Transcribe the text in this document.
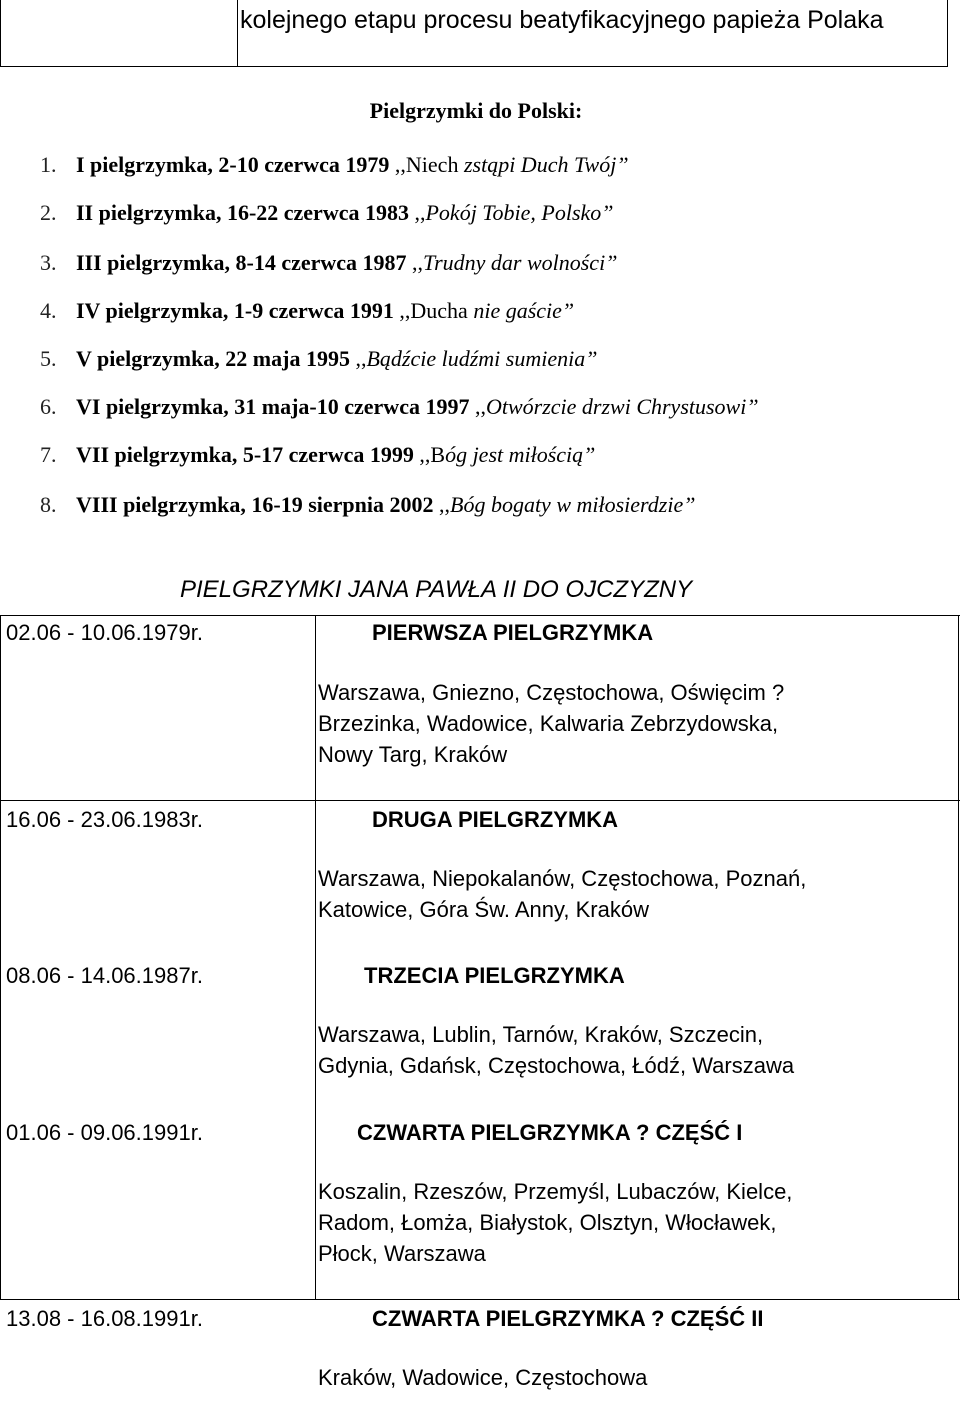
kolejnego etapu procesu beatyfikacyjnego papieża Polaka
Pielgrzymki do Polski:
1. I pielgrzymka, 2-10 czerwca 1979 ,,Niech zstąpi Duch Twój”
2. II pielgrzymka, 16-22 czerwca 1983 ,,Pokój Tobie, Polsko”
3. III pielgrzymka, 8-14 czerwca 1987 ,,Trudny dar wolności”
4. IV pielgrzymka, 1-9 czerwca 1991 ,,Ducha nie gaście”
5. V pielgrzymka, 22 maja 1995 ,,Bądźcie ludźmi sumienia”
6. VI pielgrzymka, 31 maja-10 czerwca 1997 ,,Otwórzcie drzwi Chrystusowi”
7. VII pielgrzymka, 5-17 czerwca 1999 ,,Bóg jest miłością”
8. VIII pielgrzymka, 16-19 sierpnia 2002 ,,Bóg bogaty w miłosierdzie”
PIELGRZYMKI JANA PAWŁA II DO OJCZYZNY
02.06 - 10.06.1979r.	PIERWSZA PIELGRZYMKA
Warszawa, Gniezno, Częstochowa, Oświęcim ?
Brzezinka, Wadowice, Kalwaria Zebrzydowska,
Nowy Targ, Kraków
16.06 - 23.06.1983r.	DRUGA PIELGRZYMKA
Warszawa, Niepokalanów, Częstochowa, Poznań,
Katowice, Góra Św. Anny, Kraków
08.06 - 14.06.1987r.	TRZECIA PIELGRZYMKA
Warszawa, Lublin, Tarnów, Kraków, Szczecin,
Gdynia, Gdańsk, Częstochowa, Łódź, Warszawa
01.06 - 09.06.1991r.	CZWARTA PIELGRZYMKA ? CZĘŚĆ I
Koszalin, Rzeszów, Przemyśl, Lubaczów, Kielce,
Radom, Łomża, Białystok, Olsztyn, Włocławek,
Płock, Warszawa
13.08 - 16.08.1991r.	CZWARTA PIELGRZYMKA ? CZĘŚĆ II
Kraków, Wadowice, Częstochowa
